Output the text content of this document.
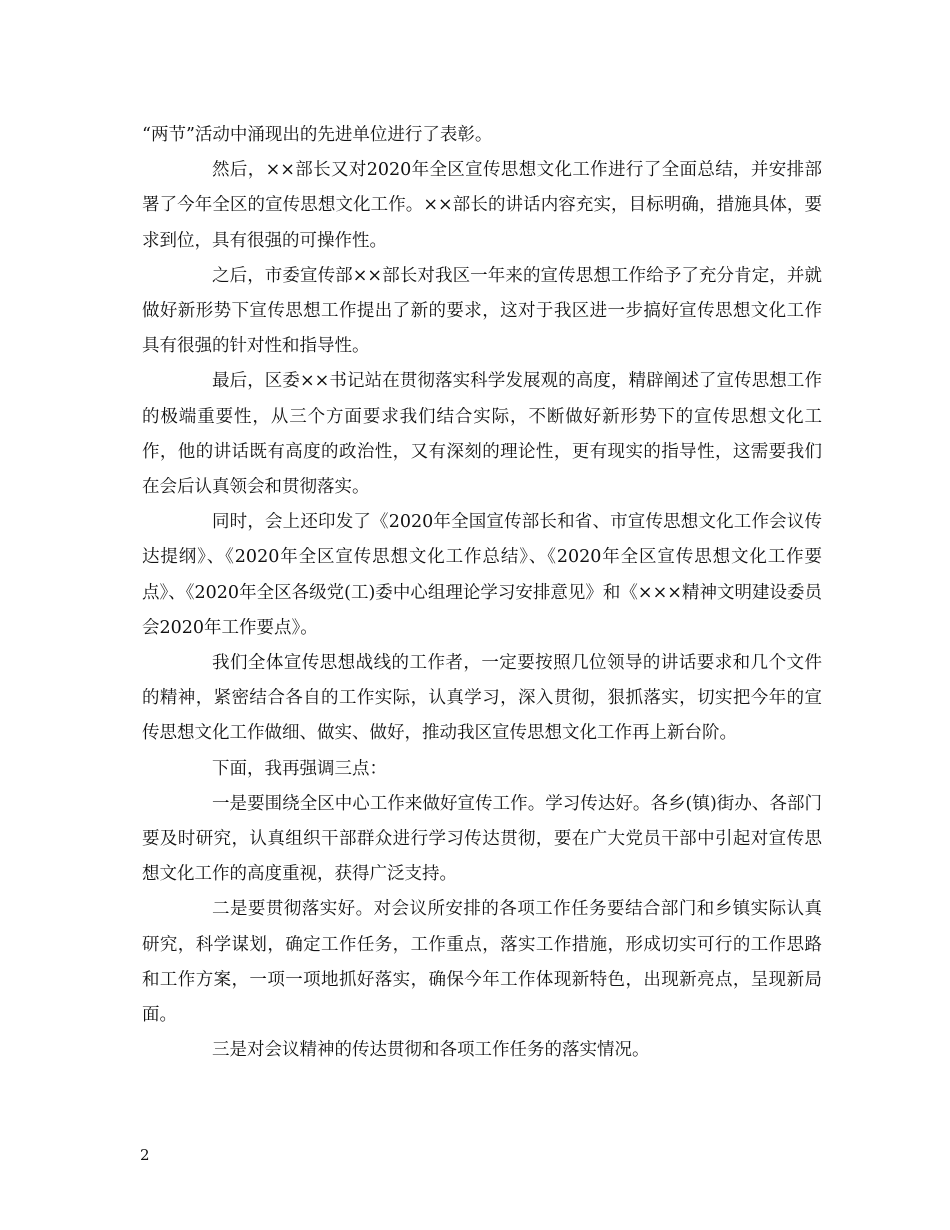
“两节”活动中涌现出的先进单位进行了表彰。

然后，××部长又对2020年全区宣传思想文化工作进行了全面总结，并安排部署了今年全区的宣传思想文化工作。××部长的讲话内容充实，目标明确，措施具体，要求到位，具有很强的可操作性。

之后，市委宣传部××部长对我区一年来的宣传思想工作给予了充分肯定，并就做好新形势下宣传思想工作提出了新的要求，这对于我区进一步搞好宣传思想文化工作具有很强的针对性和指导性。

最后，区委××书记站在贯彻落实科学发展观的高度，精辟阐述了宣传思想工作的极端重要性，从三个方面要求我们结合实际，不断做好新形势下的宣传思想文化工作，他的讲话既有高度的政治性，又有深刻的理论性，更有现实的指导性，这需要我们在会后认真领会和贯彻落实。

同时，会上还印发了《2020年全国宣传部长和省、市宣传思想文化工作会议传达提纲》、《2020年全区宣传思想文化工作总结》、《2020年全区宣传思想文化工作要点》、《2020年全区各级党(工)委中心组理论学习安排意见》和《×××精神文明建设委员会2020年工作要点》。

我们全体宣传思想战线的工作者，一定要按照几位领导的讲话要求和几个文件的精神，紧密结合各自的工作实际，认真学习，深入贯彻，狠抓落实，切实把今年的宣传思想文化工作做细、做实、做好，推动我区宣传思想文化工作再上新台阶。

下面，我再强调三点：

一是要围绕全区中心工作来做好宣传工作。学习传达好。各乡(镇)街办、各部门要及时研究，认真组织干部群众进行学习传达贯彻，要在广大党员干部中引起对宣传思想文化工作的高度重视，获得广泛支持。

二是要贯彻落实好。对会议所安排的各项工作任务要结合部门和乡镇实际认真研究，科学谋划，确定工作任务，工作重点，落实工作措施，形成切实可行的工作思路和工作方案，一项一项地抓好落实，确保今年工作体现新特色，出现新亮点，呈现新局面。

三是对会议精神的传达贯彻和各项工作任务的落实情况。

2
